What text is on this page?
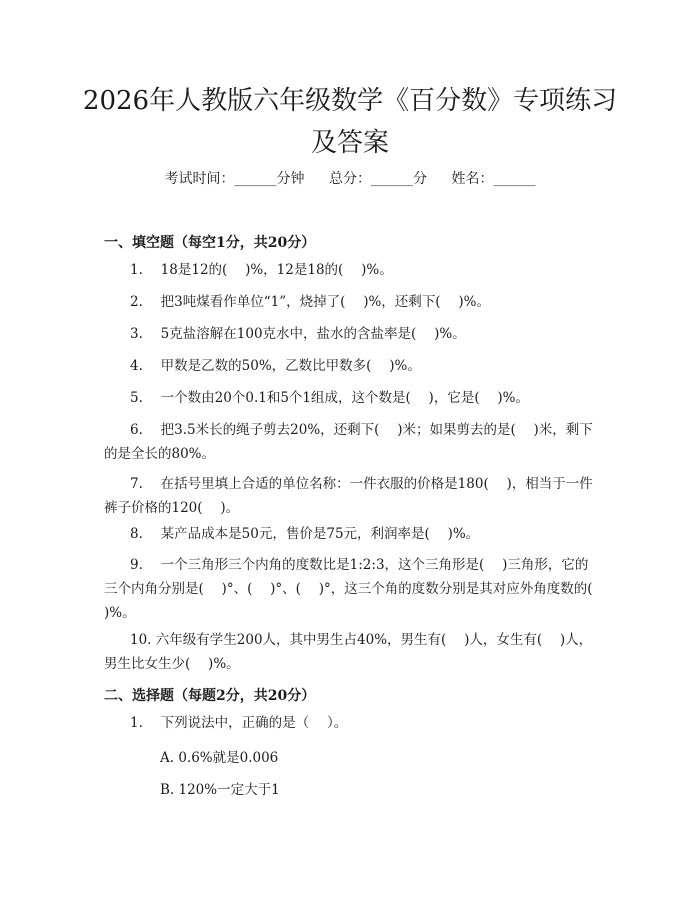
2026年人教版六年级数学《百分数》专项练习及答案
考试时间：______分钟 总分：______分 姓名：______
一、填空题（每空1分，共20分）
1.　 18是12的(　 )%，12是18的(　 )%。
2.　 把3吨煤看作单位“1”，烧掉了(　 )%，还剩下(　 )%。
3.　 5克盐溶解在100克水中，盐水的含盐率是(　 )%。
4.　 甲数是乙数的50%，乙数比甲数多(　 )%。
5.　 一个数由20个0.1和5个1组成，这个数是(　 )，它是(　 )%。
6.　 把3.5米长的绳子剪去20%，还剩下(　 )米；如果剪去的是(　 )米，剩下的是全长的80%。
7.　 在括号里填上合适的单位名称：一件衣服的价格是180(　 )，相当于一件裤子价格的120(　 )。
8.　 某产品成本是50元，售价是75元，利润率是(　 )%。
9.　 一个三角形三个内角的度数比是1:2:3，这个三角形是(　 )三角形，它的三个内角分别是(　 )°、(　 )°、(　 )°，这三个角的度数分别是其对应外角度数的(　 )%。
10. 六年级有学生200人，其中男生占40%，男生有(　 )人，女生有(　 )人，男生比女生少(　 )%。
二、选择题（每题2分，共20分）
1.　 下列说法中，正确的是（　 ）。
A. 0.6%就是0.006
B. 120%一定大于1
